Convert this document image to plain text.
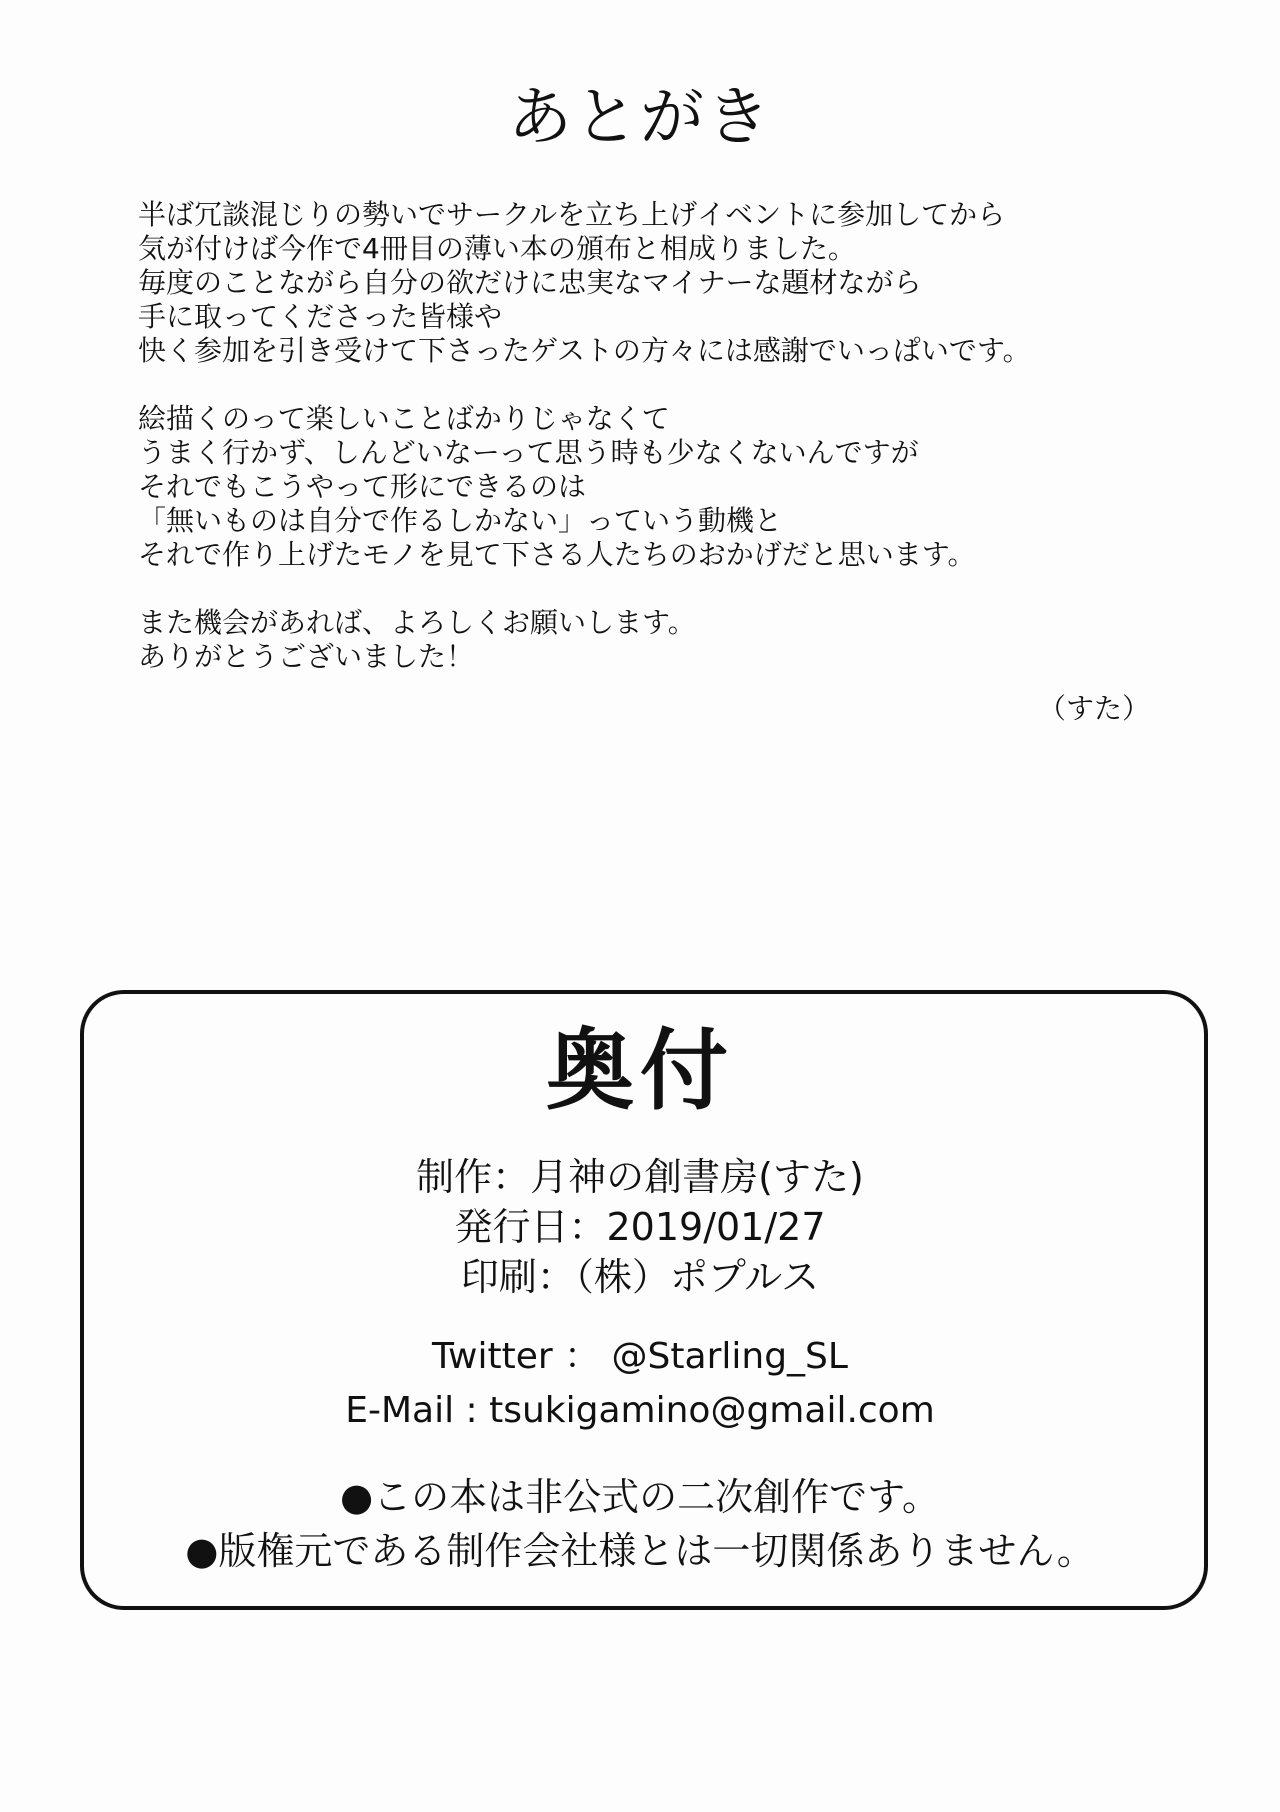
あとがき
半ば冗談混じりの勢いでサークルを立ち上げイベントに参加してから
気が付けば今作で4冊目の薄い本の頒布と相成りました。
毎度のことながら自分の欲だけに忠実なマイナーな題材ながら
手に取ってくださった皆様や
快く参加を引き受けて下さったゲストの方々には感謝でいっぱいです。
絵描くのって楽しいことばかりじゃなくて
うまく行かず、しんどいなーって思う時も少なくないんですが
それでもこうやって形にできるのは
「無いものは自分で作るしかない」っていう動機と
それで作り上げたモノを見て下さる人たちのおかげだと思います。
また機会があれば、よろしくお願いします。
ありがとうございました！
（すた）
奥付
制作：月神の創書房(すた)
発行日：2019/01/27
印刷：（株）ポプルス
Twitter ： @Starling_SL
E-Mail : tsukigamino@gmail.com
●この本は非公式の二次創作です。
●版権元である制作会社様とは一切関係ありません。
